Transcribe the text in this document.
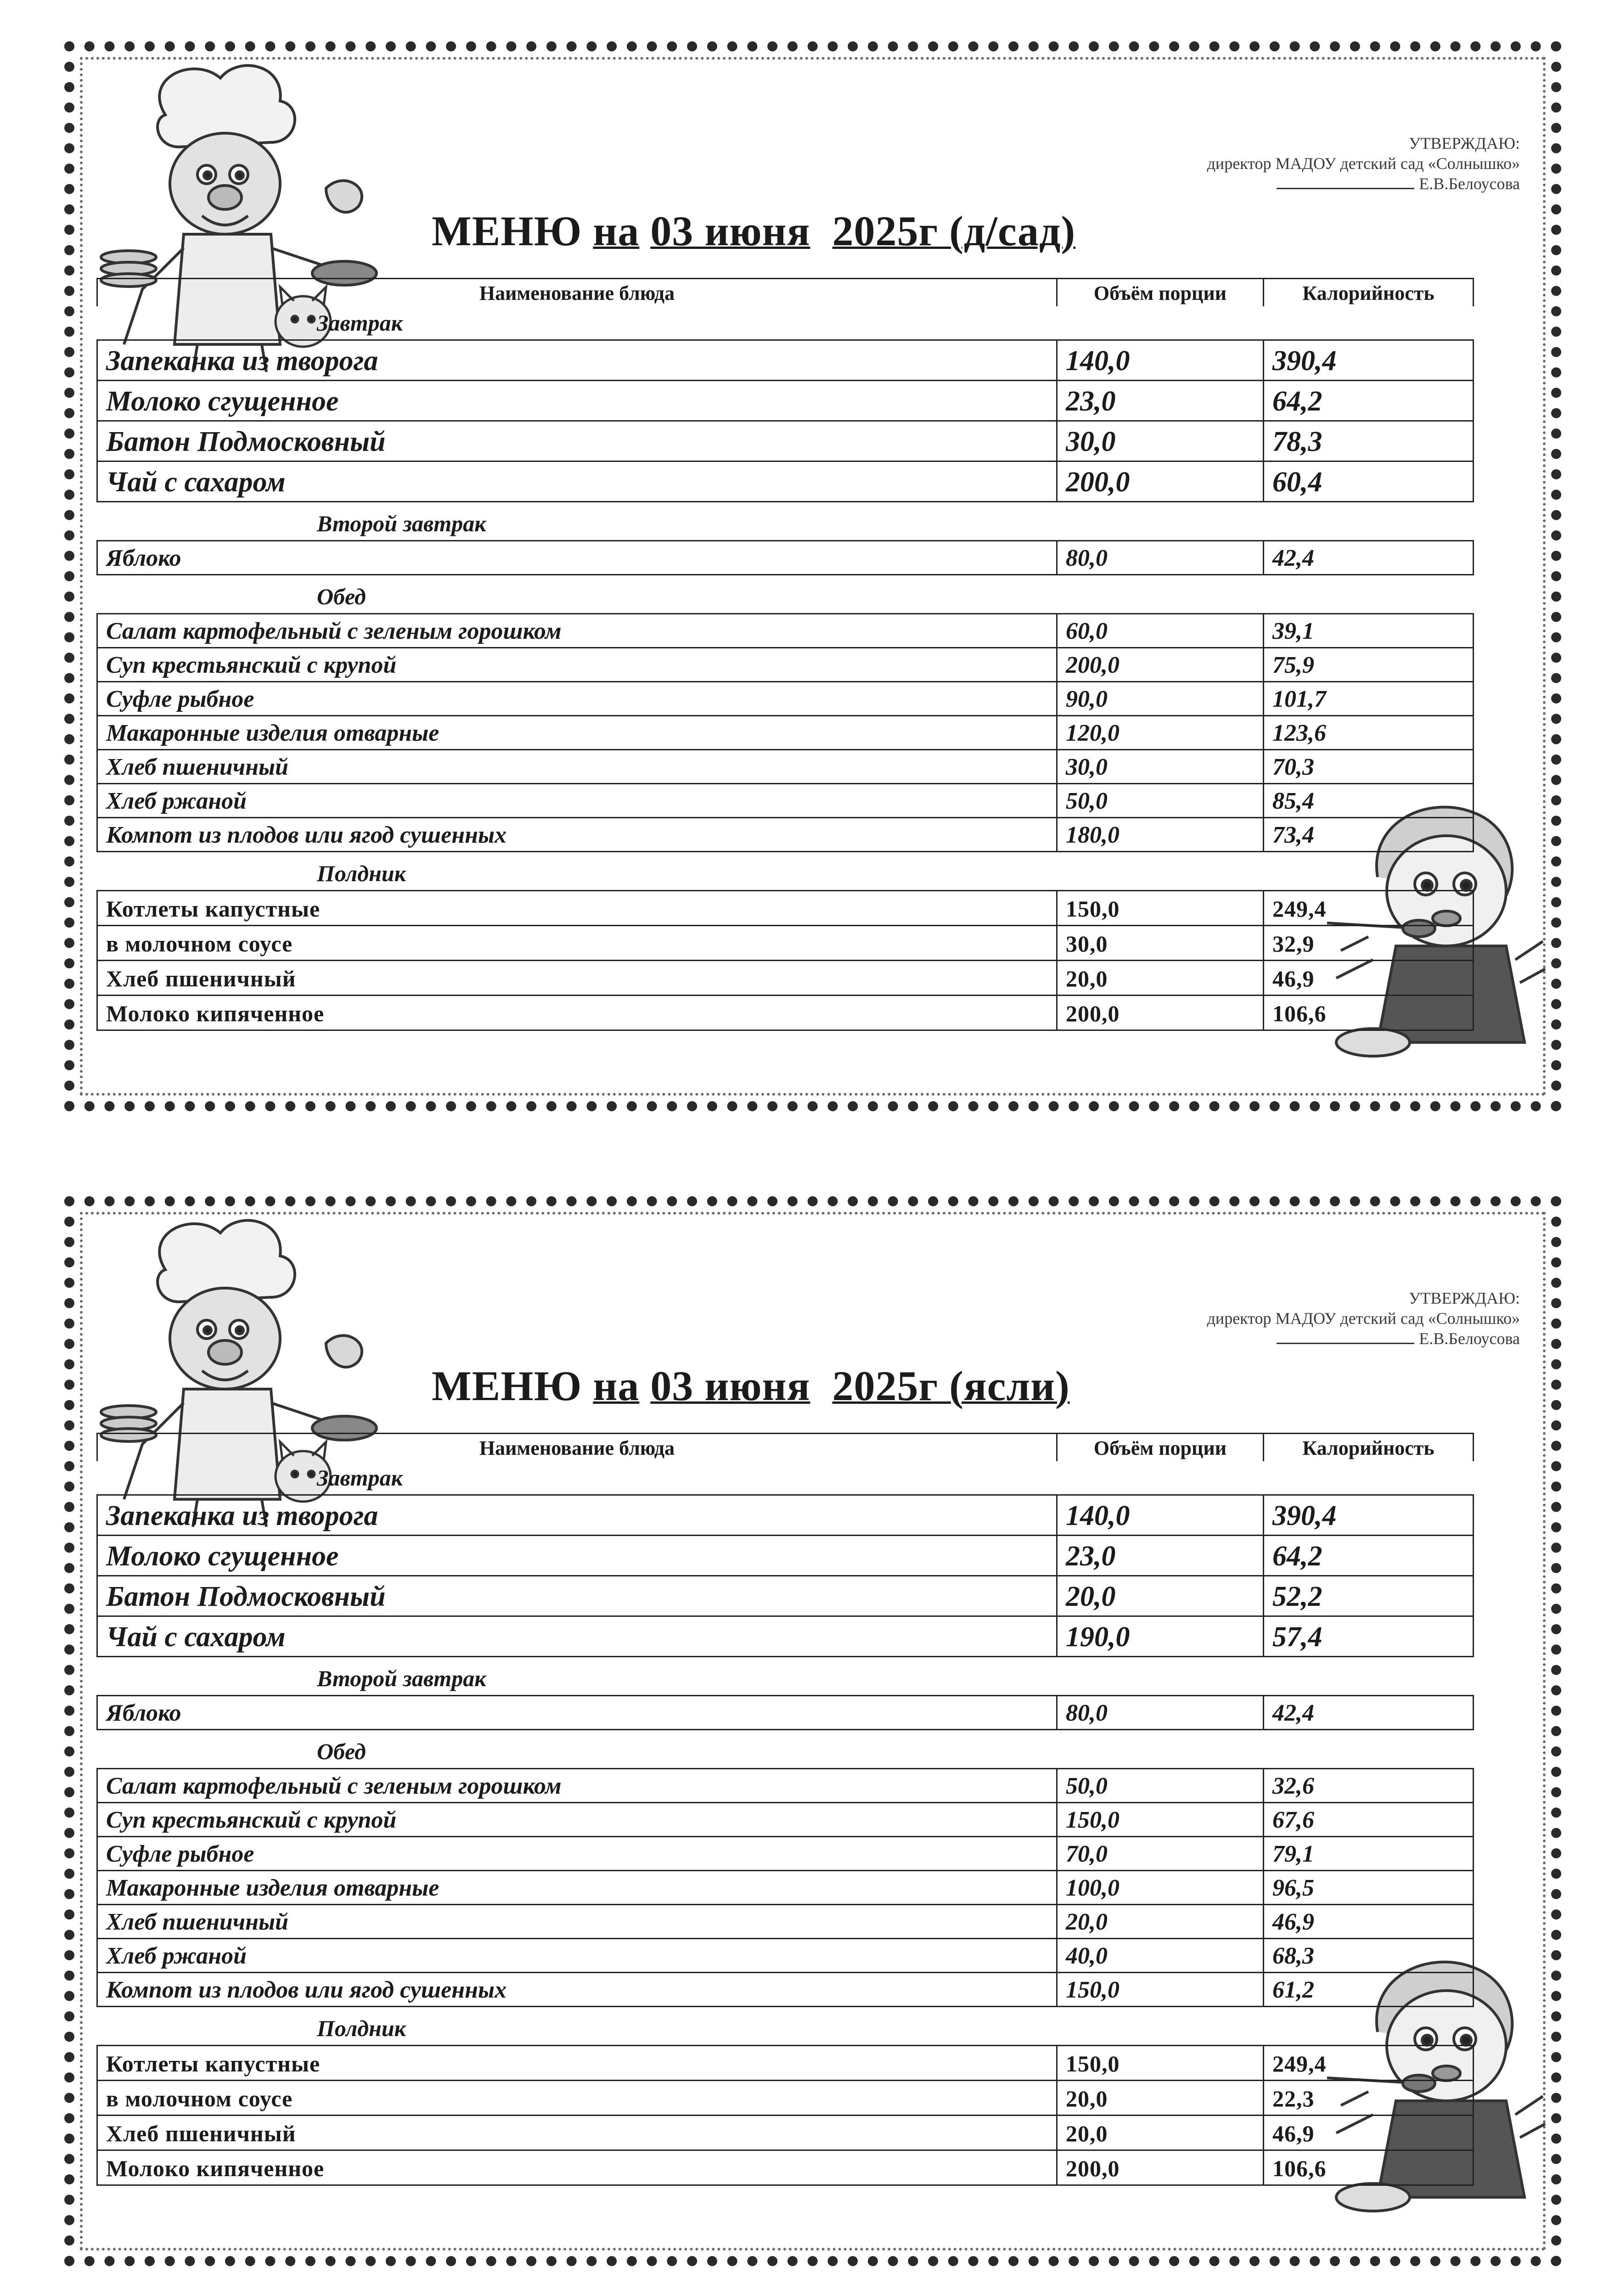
УТВЕРЖДАЮ:
директор МАДОУ детский сад «Солнышко»
Е.В.Белоусова
МЕНЮ на 03 июня 2025г (д/сад)
Наименование блюда	Объём порции	Калорийность
Завтрак
Запеканка из творога	140,0	390,4
Молоко сгущенное	23,0	64,2
Батон Подмосковный	30,0	78,3
Чай с сахаром	200,0	60,4
Второй завтрак
Яблоко	80,0	42,4
Обед
Салат картофельный с зеленым горошком	60,0	39,1
Суп крестьянский с крупой	200,0	75,9
Суфле рыбное	90,0	101,7
Макаронные изделия отварные	120,0	123,6
Хлеб пшеничный	30,0	70,3
Хлеб ржаной	50,0	85,4
Компот из плодов или ягод сушенных	180,0	73,4
Полдник
Котлеты капустные	150,0	249,4
в молочном соусе	30,0	32,9
Хлеб пшеничный	20,0	46,9
Молоко кипяченное	200,0	106,6
УТВЕРЖДАЮ:
директор МАДОУ детский сад «Солнышко»
Е.В.Белоусова
МЕНЮ на 03 июня 2025г (ясли)
Наименование блюда	Объём порции	Калорийность
Завтрак
Запеканка из творога	140,0	390,4
Молоко сгущенное	23,0	64,2
Батон Подмосковный	20,0	52,2
Чай с сахаром	190,0	57,4
Второй завтрак
Яблоко	80,0	42,4
Обед
Салат картофельный с зеленым горошком	50,0	32,6
Суп крестьянский с крупой	150,0	67,6
Суфле рыбное	70,0	79,1
Макаронные изделия отварные	100,0	96,5
Хлеб пшеничный	20,0	46,9
Хлеб ржаной	40,0	68,3
Компот из плодов или ягод сушенных	150,0	61,2
Полдник
Котлеты капустные	150,0	249,4
в молочном соусе	20,0	22,3
Хлеб пшеничный	20,0	46,9
Молоко кипяченное	200,0	106,6
